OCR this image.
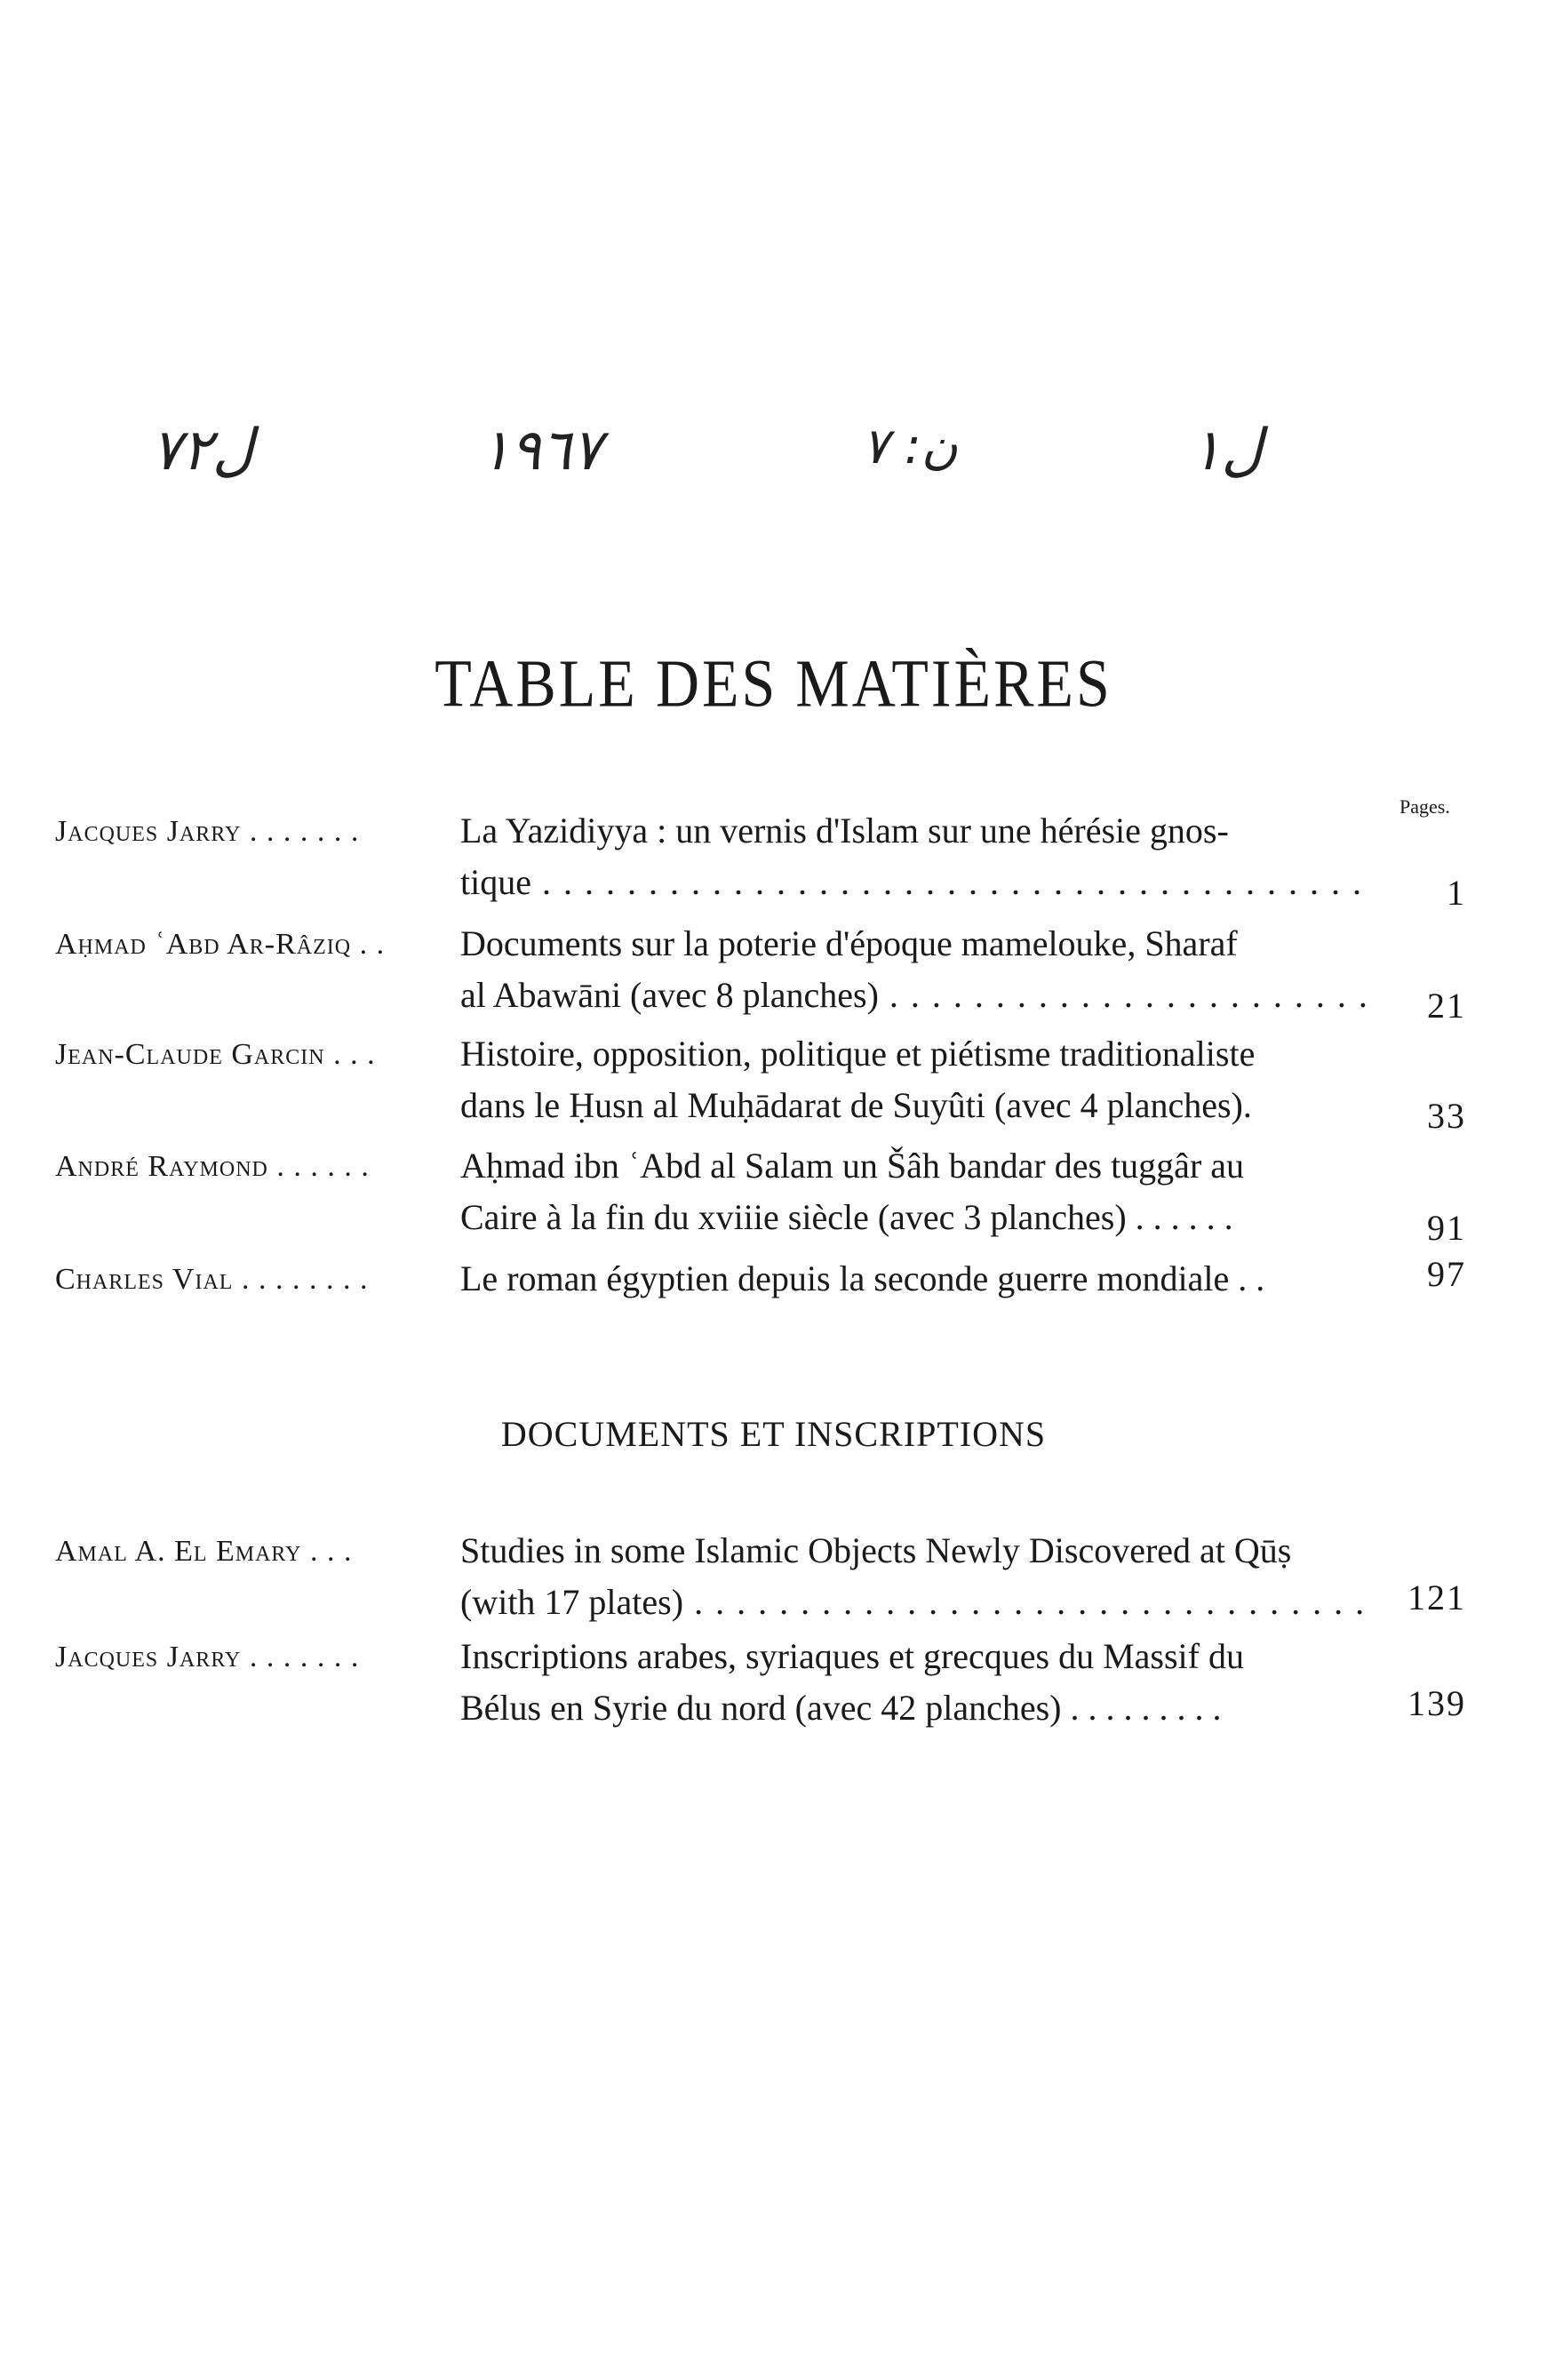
ل٧٢	١٩٦٧	ن: ٧	ل١
TABLE DES MATIÈRES
Pages.
Jacques Jarry . . . . . . .	La Yazidiyya : un vernis d'Islam sur une hérésie gnos-
tique . . .	1
Aḥmad ʿAbd Ar-Râziq . .	Documents sur la poterie d'époque mamelouke, Sharaf
al Abawāni (avec 8 planches) . . .	21
Jean-Claude Garcin . . .	Histoire, opposition, politique et piétisme traditionaliste
dans le Ḥusn al Muḥādarat de Suyûti (avec 4 planches).	33
André Raymond . . . . . .	Aḥmad ibn ʿAbd al Salam un Šâh bandar des tuggâr au
Caire à la fin du xviiie siècle (avec 3 planches) . . . . . .	91
Charles Vial . . . . . . . .	Le roman égyptien depuis la seconde guerre mondiale . .	97
DOCUMENTS ET INSCRIPTIONS
Amal A. El Emary . . .	Studies in some Islamic Objects Newly Discovered at Qūṣ
(with 17 plates) . . .	121
Jacques Jarry . . . . . . .	Inscriptions arabes, syriaques et grecques du Massif du
Bélus en Syrie du nord (avec 42 planches) . . . . . . . . .	139
